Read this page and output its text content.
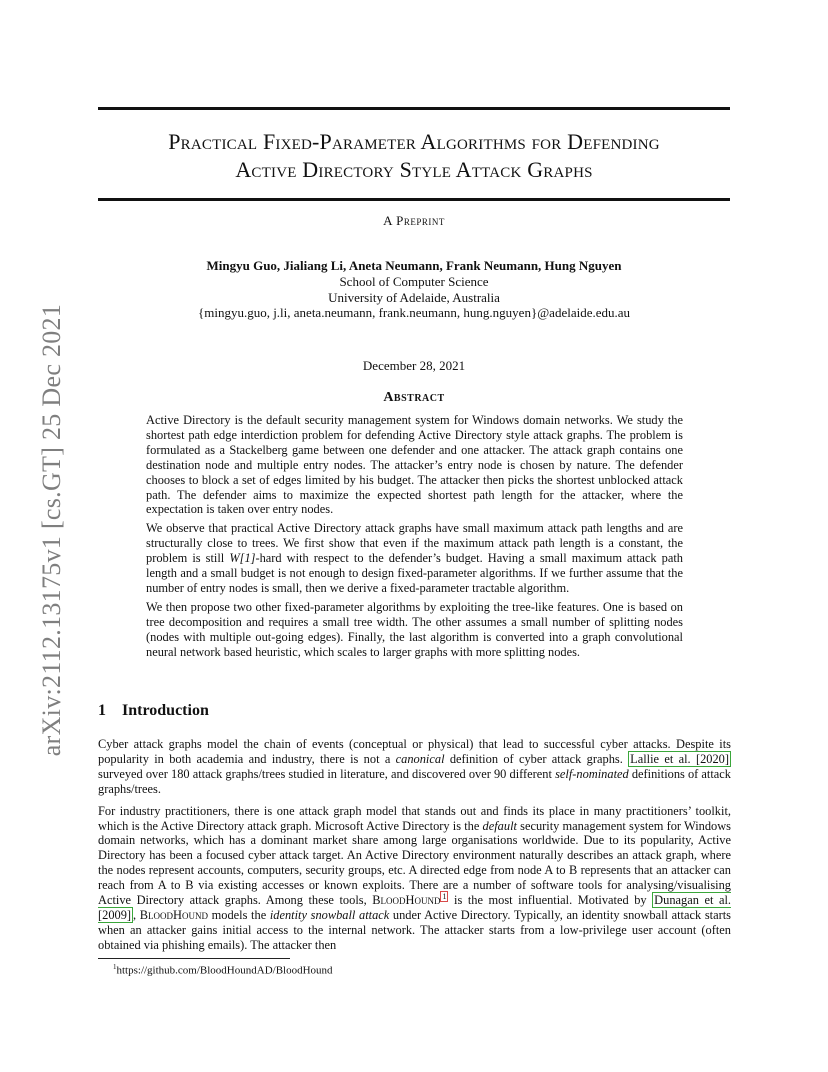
arXiv:2112.13175v1 [cs.GT] 25 Dec 2021
Practical Fixed-Parameter Algorithms for Defending
Active Directory Style Attack Graphs
A Preprint
Mingyu Guo, Jialiang Li, Aneta Neumann, Frank Neumann, Hung Nguyen
School of Computer Science
University of Adelaide, Australia
{mingyu.guo, j.li, aneta.neumann, frank.neumann, hung.nguyen}@adelaide.edu.au
December 28, 2021
Abstract

Active Directory is the default security management system for Windows domain networks. We study the shortest path edge interdiction problem for defending Active Directory style attack graphs. The problem is formulated as a Stackelberg game between one defender and one attacker. The attack graph contains one destination node and multiple entry nodes. The attacker’s entry node is chosen by nature. The defender chooses to block a set of edges limited by his budget. The attacker then picks the shortest unblocked attack path. The defender aims to maximize the expected shortest path length for the attacker, where the expectation is taken over entry nodes.

We observe that practical Active Directory attack graphs have small maximum attack path lengths and are structurally close to trees. We first show that even if the maximum attack path length is a constant, the problem is still W[1]-hard with respect to the defender’s budget. Having a small maximum attack path length and a small budget is not enough to design fixed-parameter algorithms. If we further assume that the number of entry nodes is small, then we derive a fixed-parameter tractable algorithm.

We then propose two other fixed-parameter algorithms by exploiting the tree-like features. One is based on tree decomposition and requires a small tree width. The other assumes a small number of splitting nodes (nodes with multiple out-going edges). Finally, the last algorithm is converted into a graph convolutional neural network based heuristic, which scales to larger graphs with more splitting nodes.

1 Introduction

Cyber attack graphs model the chain of events (conceptual or physical) that lead to successful cyber attacks. Despite its popularity in both academia and industry, there is not a canonical definition of cyber attack graphs. Lallie et al. [2020] surveyed over 180 attack graphs/trees studied in literature, and discovered over 90 different self-nominated definitions of attack graphs/trees.

For industry practitioners, there is one attack graph model that stands out and finds its place in many practitioners’ toolkit, which is the Active Directory attack graph. Microsoft Active Directory is the default security management system for Windows domain networks, which has a dominant market share among large organisations worldwide. Due to its popularity, Active Directory has been a focused cyber attack target. An Active Directory environment naturally describes an attack graph, where the nodes represent accounts, computers, security groups, etc. A directed edge from node A to B represents that an attacker can reach from A to B via existing accesses or known exploits. There are a number of software tools for analysing/visualising Active Directory attack graphs. Among these tools, BloodHound $^1$ is the most influential. Motivated by Dunagan et al. [2009] , BloodHound models the identity snowball attack under Active Directory. Typically, an identity snowball attack starts when an attacker gains initial access to the internal network. The attacker starts from a low-privilege user account (often obtained via phishing emails). The attacker then

$^1$https://github.com/BloodHoundAD/BloodHound
